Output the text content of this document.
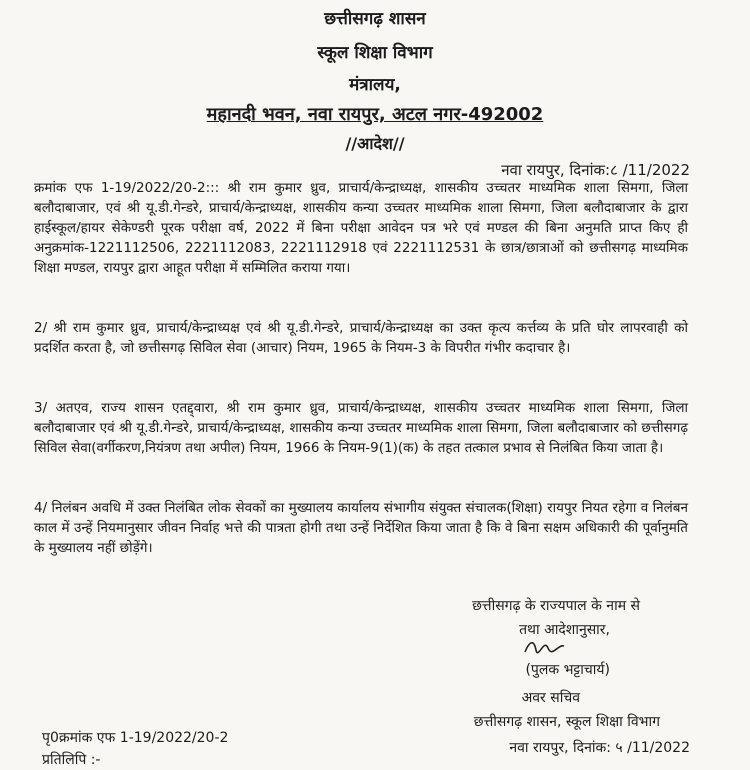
छत्तीसगढ़ शासन
स्कूल शिक्षा विभाग
मंत्रालय,
महानदी भवन, नवा रायपुर, अटल नगर-492002
//आदेश//
नवा रायपुर, दिनांक:८ /11/2022
क्रमांक एफ 1-19/2022/20-2::: श्री राम कुमार ध्रुव, प्राचार्य/केन्द्राध्यक्ष, शासकीय उच्चतर माध्यमिक शाला सिमगा, जिला बलौदाबाजार, एवं श्री यू.डी.गेन्डरे, प्राचार्य/केन्द्राध्यक्ष, शासकीय कन्या उच्चतर माध्यमिक शाला सिमगा, जिला बलौदाबाजार के द्वारा हाईस्कूल/हायर सेकेण्डरी पूरक परीक्षा वर्ष, 2022 में बिना परीक्षा आवेदन पत्र भरे एवं मण्डल की बिना अनुमति प्राप्त किए ही अनुक्रमांक-1221112506, 2221112083, 2221112918 एवं 2221112531 के छात्र/छात्राओं को छत्तीसगढ़ माध्यमिक शिक्षा मण्डल, रायपुर द्वारा आहूत परीक्षा में सम्मिलित कराया गया।
2/ श्री राम कुमार ध्रुव, प्राचार्य/केन्द्राध्यक्ष एवं श्री यू.डी.गेन्डरे, प्राचार्य/केन्द्राध्यक्ष का उक्त कृत्य कर्त्तव्य के प्रति घोर लापरवाही को प्रदर्शित करता है, जो छत्तीसगढ़ सिविल सेवा (आचार) नियम, 1965 के नियम-3 के विपरीत गंभीर कदाचार है।
3/ अतएव, राज्य शासन एतद्द्वारा, श्री राम कुमार ध्रुव, प्राचार्य/केन्द्राध्यक्ष, शासकीय उच्चतर माध्यमिक शाला सिमगा, जिला बलौदाबाजार एवं श्री यू.डी.गेन्डरे, प्राचार्य/केन्द्राध्यक्ष, शासकीय कन्या उच्चतर माध्यमिक शाला सिमगा, जिला बलौदाबाजार को छत्तीसगढ़ सिविल सेवा(वर्गीकरण,नियंत्रण तथा अपील) नियम, 1966 के नियम-9(1)(क) के तहत तत्काल प्रभाव से निलंबित किया जाता है।
4/ निलंबन अवधि में उक्त निलंबित लोक सेवकों का मुख्यालय कार्यालय संभागीय संयुक्त संचालक(शिक्षा) रायपुर नियत रहेगा व निलंबन काल में उन्हें नियमानुसार जीवन निर्वाह भत्ते की पात्रता होगी तथा उन्हें निर्देशित किया जाता है कि वे बिना सक्षम अधिकारी की पूर्वानुमति के मुख्यालय नहीं छोड़ेंगे।
छत्तीसगढ़ के राज्यपाल के नाम से
तथा आदेशानुसार,
(पुलक भट्टाचार्य)
अवर सचिव
छत्तीसगढ़ शासन, स्कूल शिक्षा विभाग
नवा रायपुर, दिनांक: ५ /11/2022
पृ0क्रमांक एफ 1-19/2022/20-2
प्रतिलिपि :-
